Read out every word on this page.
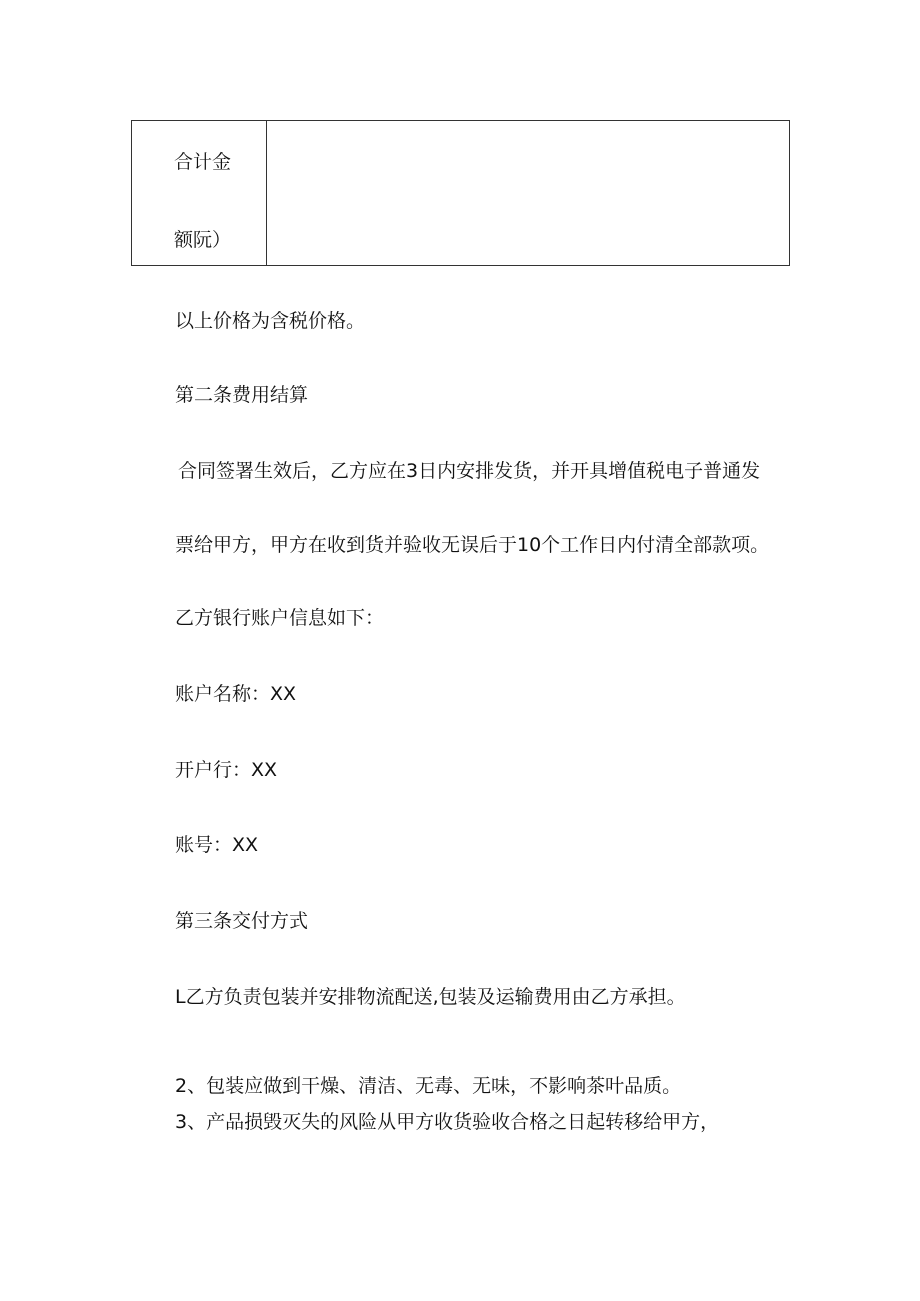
合计金
额阮）
以上价格为含税价格。
第二条费用结算
合同签署生效后，乙方应在3日内安排发货，并开具增值税电子普通发
票给甲方，甲方在收到货并验收无误后于10个工作日内付清全部款项。
乙方银行账户信息如下：
账户名称：XX
开户行：XX
账号：XX
第三条交付方式
L乙方负责包装并安排物流配送,包装及运输费用由乙方承担。
2、包装应做到干燥、清洁、无毒、无味，不影响茶叶品质。
3、产品损毁灭失的风险从甲方收货验收合格之日起转移给甲方，
